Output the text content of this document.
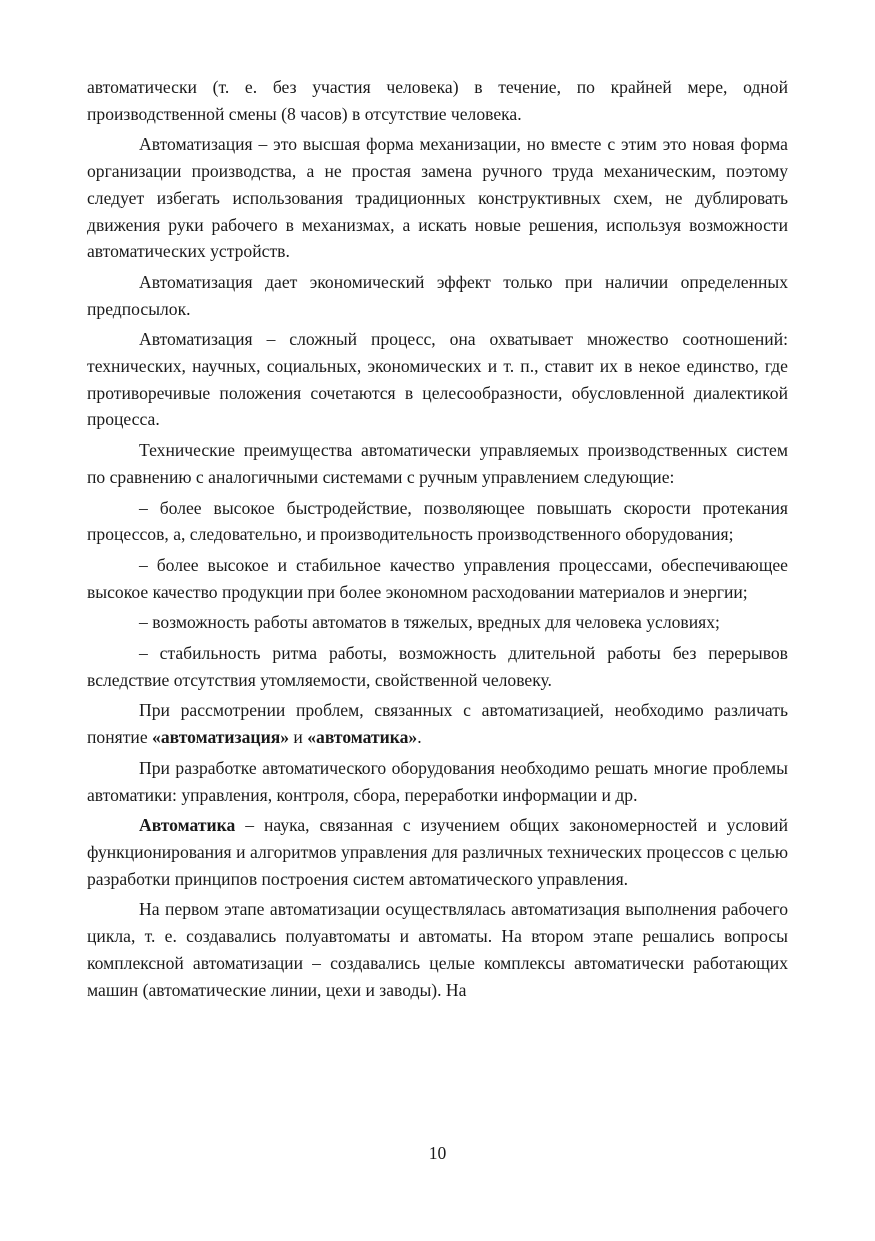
автоматически (т. е. без участия человека) в течение, по крайней мере, одной производственной смены (8 часов) в отсутствие человека.

Автоматизация – это высшая форма механизации, но вместе с этим это новая форма организации производства, а не простая замена ручного труда механическим, поэтому следует избегать использования традиционных конструктивных схем, не дублировать движения руки рабочего в механизмах, а искать новые решения, используя возможности автоматических устройств.

Автоматизация дает экономический эффект только при наличии определенных предпосылок.

Автоматизация – сложный процесс, она охватывает множество соотношений: технических, научных, социальных, экономических и т. п., ставит их в некое единство, где противоречивые положения сочетаются в целесообразности, обусловленной диалектикой процесса.

Технические преимущества автоматически управляемых производственных систем по сравнению с аналогичными системами с ручным управлением следующие:

– более высокое быстродействие, позволяющее повышать скорости протекания процессов, а, следовательно, и производительность производственного оборудования;

– более высокое и стабильное качество управления процессами, обеспечивающее высокое качество продукции при более экономном расходовании материалов и энергии;

– возможность работы автоматов в тяжелых, вредных для человека условиях;

– стабильность ритма работы, возможность длительной работы без перерывов вследствие отсутствия утомляемости, свойственной человеку.

При рассмотрении проблем, связанных с автоматизацией, необходимо различать понятие «автоматизация» и «автоматика».

При разработке автоматического оборудования необходимо решать многие проблемы автоматики: управления, контроля, сбора, переработки информации и др.

Автоматика – наука, связанная с изучением общих закономерностей и условий функционирования и алгоритмов управления для различных технических процессов с целью разработки принципов построения систем автоматического управления.

На первом этапе автоматизации осуществлялась автоматизация выполнения рабочего цикла, т. е. создавались полуавтоматы и автоматы. На втором этапе решались вопросы комплексной автоматизации – создавались целые комплексы автоматически работающих машин (автоматические линии, цехи и заводы). На

10
